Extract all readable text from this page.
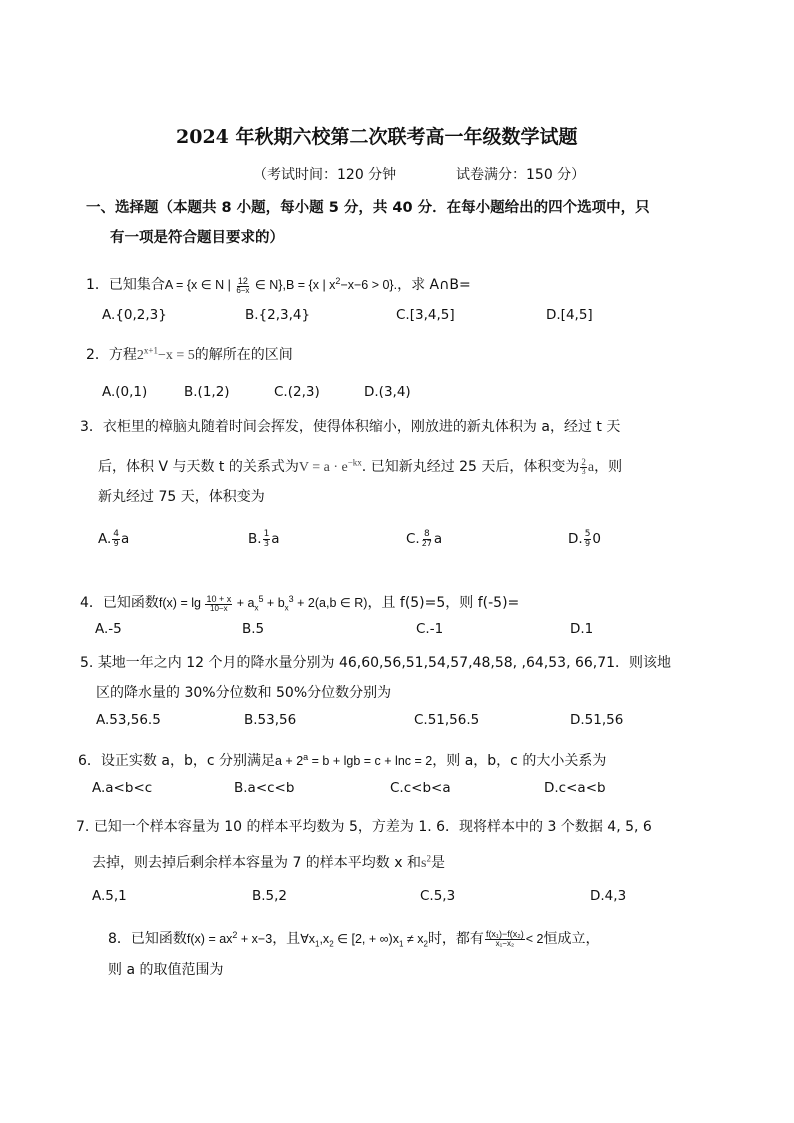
2024 年秋期六校第二次联考高一年级数学试题
（考试时间：120 分钟	试卷满分：150 分）
一、选择题（本题共 8 小题，每小题 5 分，共 40 分．在每小题给出的四个选项中，只
有一项是符合题目要求的）
1．已知集合A = {x ∈ N | $\frac{12}{6-x}$ ∈ N},B = {x | $x^2-x-6 > 0$}.，求 A∩B=
A.{0,2,3}	B.{2,3,4}	C.[3,4,5]	D.[4,5]
2．方程$2^{x+1}-x = 5$的解所在的区间
A.(0,1)	B.(1,2)	C.(2,3)	D.(3,4)
3．衣柜里的樟脑丸随着时间会挥发，使得体积缩小，刚放进的新丸体积为 a，经过 t 天
后，体积 V 与天数 t 的关系式为$V = a \cdot e^{-kx}$. 已知新丸经过 25 天后，体积变为 $\frac{2}{3}$ a，则
新丸经过 75 天，体积变为
A. $\frac{4}{9}$ a	B. $\frac{1}{3}$ a	C. $\frac{8}{27}$ a	D. $\frac{5}{9} 0$
4．已知函数$f(x) = \lg \frac{10 + x}{10-x} + a_x^5 + b_x^3 + 2(a,b$ ∈ R)，且 f(5)=5，则 f(-5)=
A.-5	B.5	C.-1	D.1
5. 某地一年之内 12 个月的降水量分别为 46,60,56,51,54,57,48,58, ,64,53, 66,71．则该地
区的降水量的 30%分位数和 50%分位数分别为
A.53,56.5	B.53,56	C.51,56.5	D.51,56
6．设正实数 a，b，c 分别满足$a + 2^a = b + \lg b = c + \ln c = 2$，则 a，b，c 的大小关系为
A.a<b<c	B.a<c<b	C.c<b<a	D.c<a<b
7. 已知一个样本容量为 10 的样本平均数为 5，方差为 1. 6．现将样本中的 3 个数据 4, 5, 6
去掉，则去掉后剩余样本容量为 7 的样本平均数 x 和$s^2$是
A.5,1	B.5,2	C.5,3	D.4,3
8．已知函数$f(x) = ax^2 + x-3$，且$\forall x_1,x_2$ ∈ [2, + $\infty)x_1 \ne x_2$时，都有 $\frac{\text{f(x₁)−f(x₂)}}{\text{x₁−x₂}} < 2$恒成立，
则 a 的取值范围为
